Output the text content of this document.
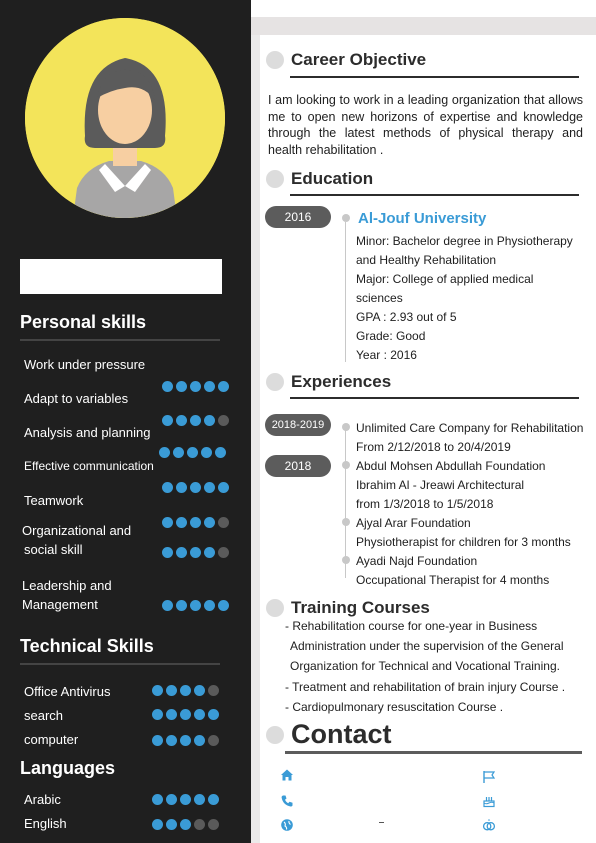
Personal skills
Work under pressure
Adapt to variables
Analysis and planning
Effective communication
Teamwork
Organizational and
social skill
Leadership and
Management
Technical Skills
Office Antivirus
search
computer
Languages
Arabic
English
Career Objective
I am looking to work in a leading organization that allows me to open new horizons of expertise and knowledge through the latest methods of physical therapy and health rehabilitation .
Education
2016	Al-Jouf University
Minor: Bachelor degree in Physiotherapy
and Healthy Rehabilitation
Major: College of applied medical
sciences
GPA : 2.93 out of 5
Grade: Good
Year : 2016
Experiences
2018-2019
2018
Unlimited Care Company for Rehabilitation
From 2/12/2018 to 20/4/2019
Abdul Mohsen Abdullah Foundation
Ibrahim Al - Jreawi Architectural
from 1/3/2018 to 1/5/2018
Ajyal Arar Foundation
Physiotherapist for children for 3 months
Ayadi Najd Foundation
Occupational Therapist for 4 months
Training Courses
- Rehabilitation course for one-year in Business
Administration under the supervision of the General
Organization for Technical and Vocational Training.
- Treatment and rehabilitation of brain injury Course .
- Cardiopulmonary resuscitation Course .
Contact
